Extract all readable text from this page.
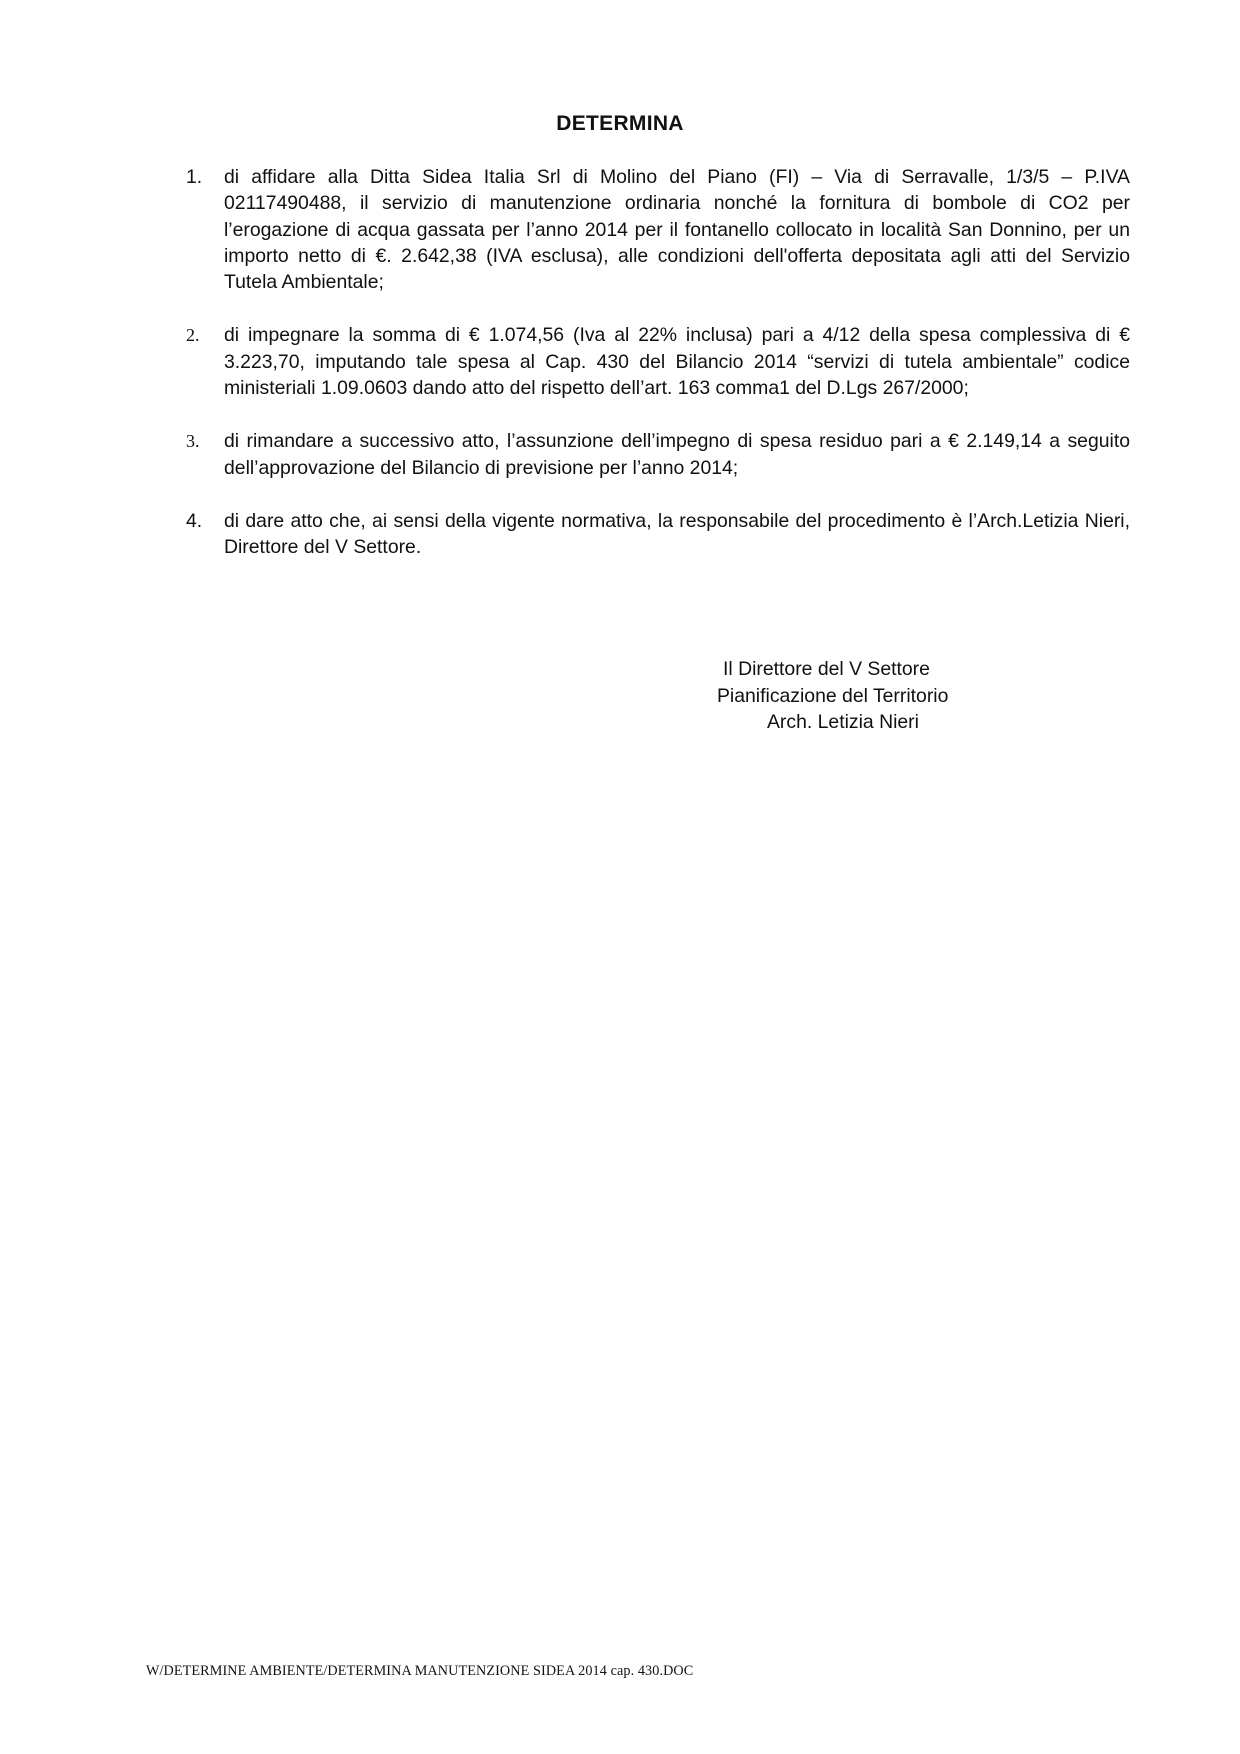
DETERMINA
1. di affidare alla Ditta Sidea Italia Srl di Molino del Piano (FI) – Via di Serravalle, 1/3/5 – P.IVA 02117490488, il servizio di manutenzione ordinaria nonché la fornitura di bombole di CO2 per l’erogazione di acqua gassata per l’anno 2014 per il fontanello collocato in località San Donnino, per un importo netto di €. 2.642,38 (IVA esclusa), alle condizioni dell'offerta depositata agli atti del Servizio Tutela Ambientale;
2. di impegnare la somma di € 1.074,56 (Iva al 22% inclusa) pari a 4/12 della spesa complessiva di € 3.223,70, imputando tale spesa al Cap. 430 del Bilancio 2014 “servizi di tutela ambientale” codice ministeriali 1.09.0603 dando atto del rispetto dell’art. 163 comma1 del D.Lgs 267/2000;
3. di rimandare a successivo atto, l’assunzione dell’impegno di spesa residuo pari a € 2.149,14 a seguito dell’approvazione del Bilancio di previsione per l’anno 2014;
4. di dare atto che, ai sensi della vigente normativa, la responsabile del procedimento è l’Arch.Letizia Nieri, Direttore del V Settore.
Il Direttore del V Settore
Pianificazione del Territorio
Arch. Letizia Nieri
W/DETERMINE AMBIENTE/DETERMINA MANUTENZIONE SIDEA 2014 cap. 430.DOC
